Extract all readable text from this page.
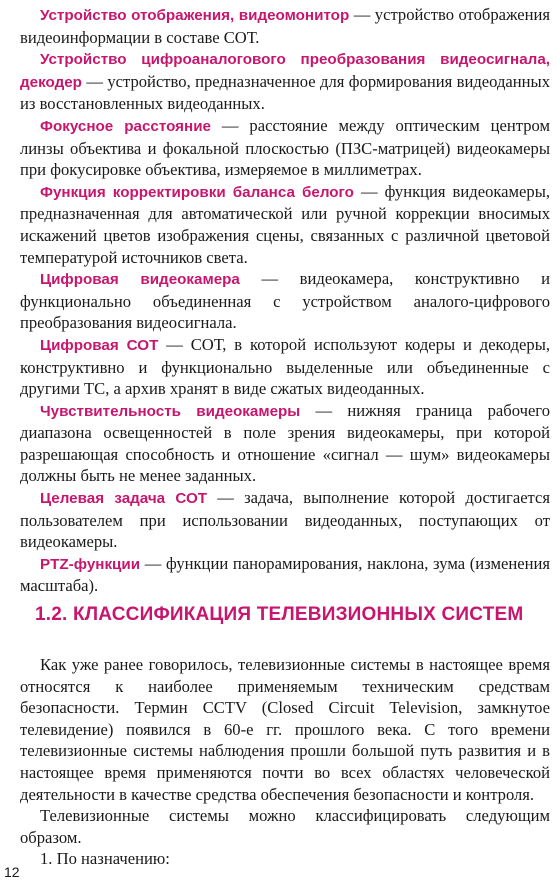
Устройство отображения, видеомонитор — устройство отображения видеоинформации в составе СОТ.

Устройство цифроаналогового преобразования видеосигнала, декодер — устройство, предназначенное для формирования видеоданных из восстановленных видеоданных.

Фокусное расстояние — расстояние между оптическим центром линзы объектива и фокальной плоскостью (ПЗС-матрицей) видеокамеры при фокусировке объектива, измеряемое в миллиметрах.

Функция корректировки баланса белого — функция видеокамеры, предназначенная для автоматической или ручной коррекции вносимых искажений цветов изображения сцены, связанных с различной цветовой температурой источников света.

Цифровая видеокамера — видеокамера, конструктивно и функционально объединенная с устройством аналого-цифрового преобразования видеосигнала.

Цифровая СОТ — СОТ, в которой используют кодеры и декодеры, конструктивно и функционально выделенные или объединенные с другими ТС, а архив хранят в виде сжатых видеоданных.

Чувствительность видеокамеры — нижняя граница рабочего диапазона освещенностей в поле зрения видеокамеры, при которой разрешающая способность и отношение «сигнал — шум» видеокамеры должны быть не менее заданных.

Целевая задача СОТ — задача, выполнение которой достигается пользователем при использовании видеоданных, поступающих от видеокамеры.

PTZ-функции — функции панорамирования, наклона, зума (изменения масштаба).

1.2. КЛАССИФИКАЦИЯ ТЕЛЕВИЗИОННЫХ СИСТЕМ

Как уже ранее говорилось, телевизионные системы в настоящее время относятся к наиболее применяемым техническим средствам безопасности. Термин CCTV (Closed Circuit Television, замкнутое телевидение) появился в 60-е гг. прошлого века. С того времени телевизионные системы наблюдения прошли большой путь развития и в настоящее время применяются почти во всех областях человеческой деятельности в качестве средства обеспечения безопасности и контроля.

Телевизионные системы можно классифицировать следующим образом.

1. По назначению:

12
